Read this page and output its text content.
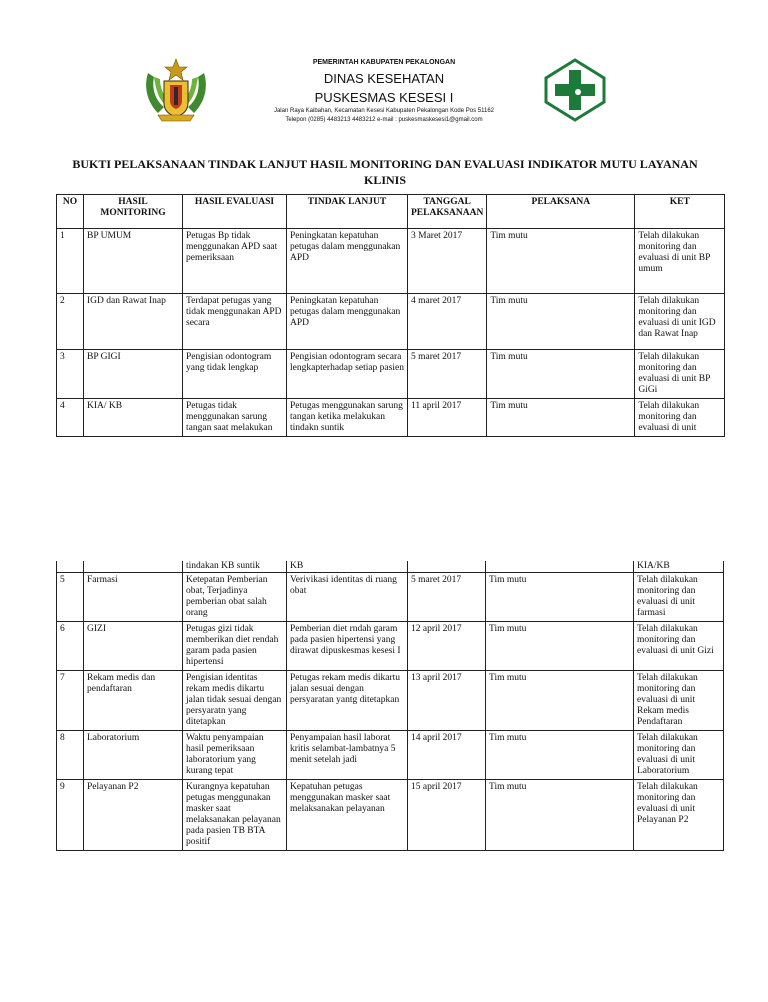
PEMERINTAH KABUPATEN PEKALONGAN
DINAS KESEHATAN
PUSKESMAS KESESI I
Jalan Raya Kaibahan, Kecamatan Kesesi Kabupaten Pekalongan Kode Pos 51162
Telepon (0285) 4483213 4483212 e-mail : puskesmaskesesi1@gmail.com
BUKTI PELAKSANAAN TINDAK LANJUT HASIL MONITORING DAN EVALUASI INDIKATOR MUTU LAYANAN
KLINIS
NO	HASIL MONITORING	HASIL EVALUASI	TINDAK LANJUT	TANGGAL PELAKSANAAN	PELAKSANA	KET
1	BP UMUM	Petugas Bp tidak menggunakan APD saat pemeriksaan	Peningkatan kepatuhan petugas dalam menggunakan APD	3 Maret 2017	Tim mutu	Telah dilakukan monitoring dan evaluasi di unit BP umum
2	IGD dan Rawat Inap	Terdapat petugas yang tidak menggunakan APD secara	Peningkatan kepatuhan petugas dalam menggunakan APD	4 maret 2017	Tim mutu	Telah dilakukan monitoring dan evaluasi di unit IGD dan Rawat Inap
3	BP GIGI	Pengisian odontogram yang tidak lengkap	Pengisian odontogram secara lengkapterhadap setiap pasien	5 maret 2017	Tim mutu	Telah dilakukan monitoring dan evaluasi di unit BP GiGi
4	KIA/ KB	Petugas tidak menggunakan sarung tangan saat melakukan	Petugas menggunakan sarung tangan ketika melakukan tindakn suntik	11 april 2017	Tim mutu	Telah dilakukan monitoring dan evaluasi di unit
		tindakan KB suntik	KB			KIA/KB
5	Farmasi	Ketepatan Pemberian obat, Terjadinya pemberian obat salah orang	Verivikasi identitas di ruang obat	5 maret 2017	Tim mutu	Telah dilakukan monitoring dan evaluasi di unit farmasi
6	GIZI	Petugas gizi tidak memberikan diet rendah garam pada pasien hipertensi	Pemberian diet rndah garam pada pasien hipertensi yang dirawat dipuskesmas kesesi I	12 april 2017	Tim mutu	Telah dilakukan monitoring dan evaluasi di unit Gizi
7	Rekam medis dan pendaftaran	Pengisian identitas rekam medis dikartu jalan tidak sesuai dengan persyaratn yang ditetapkan	Petugas rekam medis dikartu jalan sesuai dengan persyaratan yantg ditetapkan	13 april 2017	Tim mutu	Telah dilakukan monitoring dan evaluasi di unit Rekam medis Pendaftaran
8	Laboratorium	Waktu penyampaian hasil pemeriksaan laboratorium yang kurang tepat	Penyampaian hasil laborat kritis selambat-lambatnya 5 menit setelah jadi	14 april 2017	Tim mutu	Telah dilakukan monitoring dan evaluasi di unit Laboratorium
9	Pelayanan P2	Kurangnya kepatuhan petugas menggunakan masker saat melaksanakan pelayanan pada pasien TB BTA positif	Kepatuhan petugas menggunakan masker saat melaksanakan pelayanan	15 april 2017	Tim mutu	Telah dilakukan monitoring dan evaluasi di unit Pelayanan P2
